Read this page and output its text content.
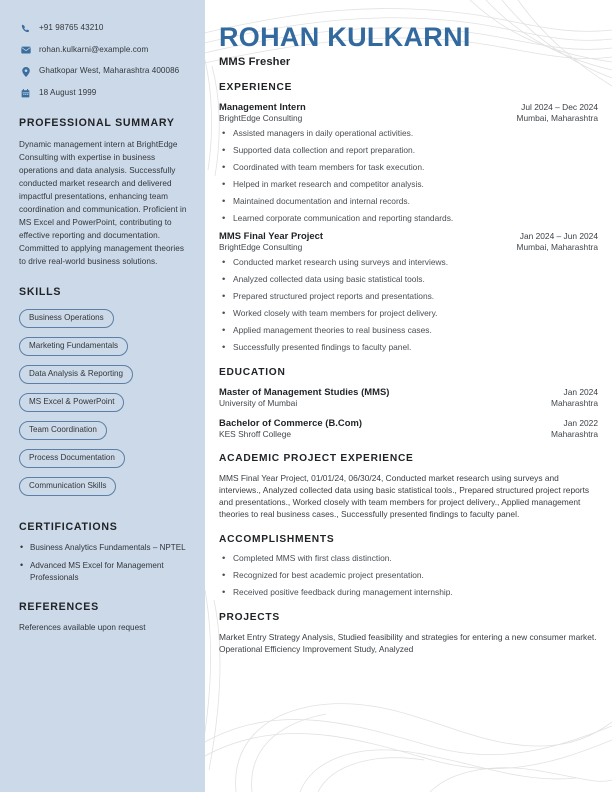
+91 98765 43210
rohan.kulkarni@example.com
Ghatkopar West, Maharashtra 400086
18 August 1999
PROFESSIONAL SUMMARY

Dynamic management intern at BrightEdge Consulting with expertise in business operations and data analysis. Successfully conducted market research and delivered impactful presentations, enhancing team coordination and communication. Proficient in MS Excel and PowerPoint, contributing to effective reporting and documentation. Committed to applying management theories to drive real-world business solutions.

SKILLS
Business Operations
Marketing Fundamentals
Data Analysis & Reporting
MS Excel & PowerPoint
Team Coordination
Process Documentation
Communication Skills
CERTIFICATIONS
• Business Analytics Fundamentals – NPTEL
• Advanced MS Excel for Management Professionals
REFERENCES

References available upon request

ROHAN KULKARNI
MMS Fresher
EXPERIENCE
Management Intern	Jul 2024 – Dec 2024
BrightEdge Consulting	Mumbai, Maharashtra
• Assisted managers in daily operational activities.
• Supported data collection and report preparation.
• Coordinated with team members for task execution.
• Helped in market research and competitor analysis.
• Maintained documentation and internal records.
• Learned corporate communication and reporting standards.
MMS Final Year Project	Jan 2024 – Jun 2024
BrightEdge Consulting	Mumbai, Maharashtra
• Conducted market research using surveys and interviews.
• Analyzed collected data using basic statistical tools.
• Prepared structured project reports and presentations.
• Worked closely with team members for project delivery.
• Applied management theories to real business cases.
• Successfully presented findings to faculty panel.
EDUCATION
Master of Management Studies (MMS)	Jan 2024
University of Mumbai	Maharashtra
Bachelor of Commerce (B.Com)	Jan 2022
KES Shroff College	Maharashtra
ACADEMIC PROJECT EXPERIENCE

MMS Final Year Project, 01/01/24, 06/30/24, Conducted market research using surveys and interviews., Analyzed collected data using basic statistical tools., Prepared structured project reports and presentations., Worked closely with team members for project delivery., Applied management theories to real business cases., Successfully presented findings to faculty panel.

ACCOMPLISHMENTS
• Completed MMS with first class distinction.
• Recognized for best academic project presentation.
• Received positive feedback during management internship.
PROJECTS

Market Entry Strategy Analysis, Studied feasibility and strategies for entering a new consumer market. Operational Efficiency Improvement Study, Analyzed
